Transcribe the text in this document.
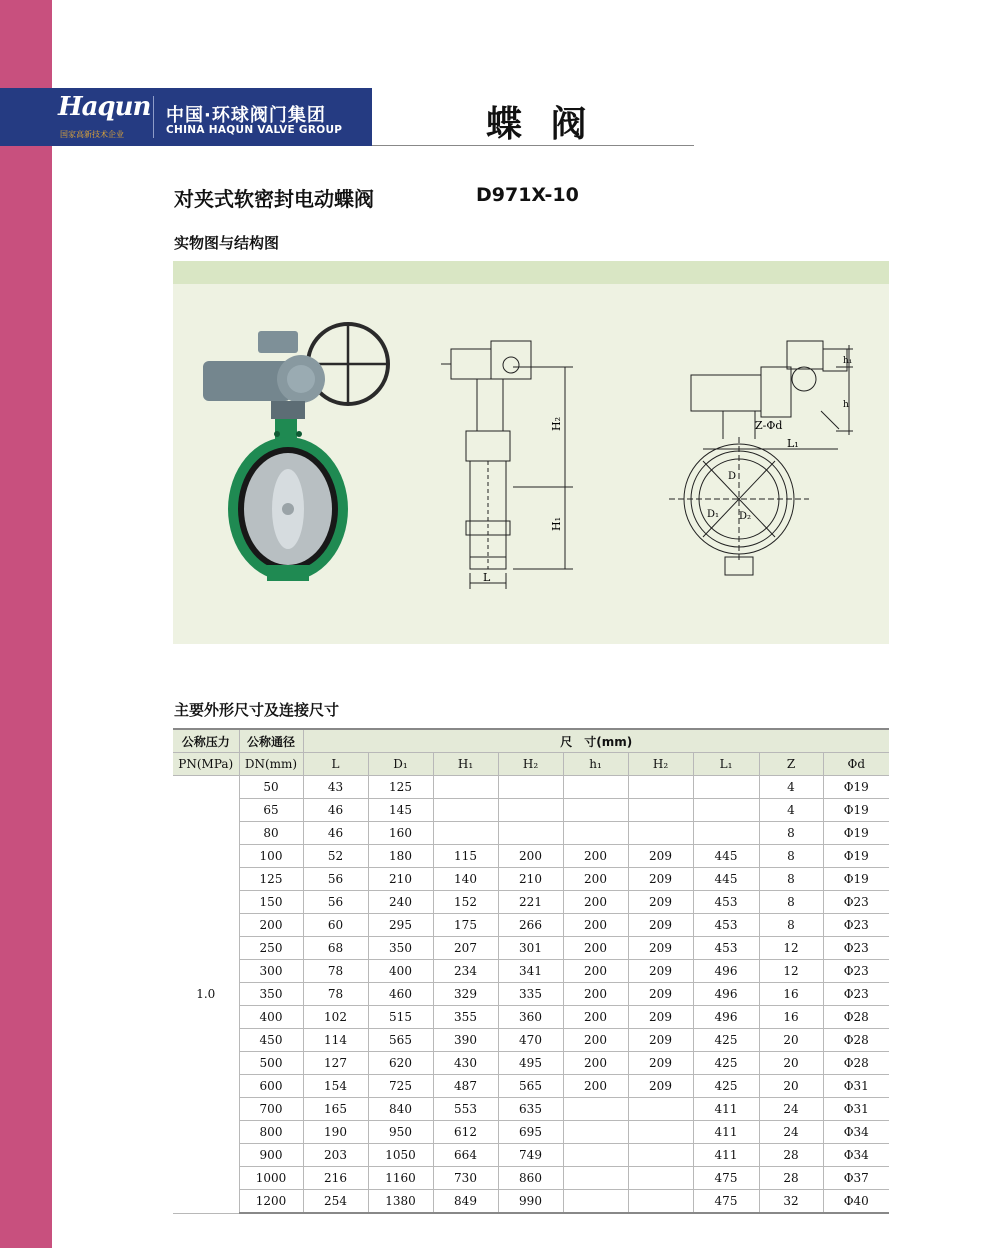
Haqun
国家高新技术企业
中国·环球阀门集团
CHINA HAQUN VALVE GROUP	蝶 阀
对夹式软密封电动蝶阀	D971X-10
实物图与结构图
H₂
H₁
L
Z-Φd
L₁
D
D₁ D₂
h₁
h
主要外形尺寸及连接尺寸
公称压力	公称通径	尺　寸(mm)								
PN(MPa)	DN(mm)	L	D₁	H₁	H₂	h₁	H₂	L₁	Z	Φd
1.0	50	43	125						4	Φ19
	65	46	145						4	Φ19
	80	46	160						8	Φ19
	100	52	180	115	200	200	209	445	8	Φ19
	125	56	210	140	210	200	209	445	8	Φ19
	150	56	240	152	221	200	209	453	8	Φ23
	200	60	295	175	266	200	209	453	8	Φ23
	250	68	350	207	301	200	209	453	12	Φ23
	300	78	400	234	341	200	209	496	12	Φ23
	350	78	460	329	335	200	209	496	16	Φ23
	400	102	515	355	360	200	209	496	16	Φ28
	450	114	565	390	470	200	209	425	20	Φ28
	500	127	620	430	495	200	209	425	20	Φ28
	600	154	725	487	565	200	209	425	20	Φ31
	700	165	840	553	635			411	24	Φ31
	800	190	950	612	695			411	24	Φ34
	900	203	1050	664	749			411	28	Φ34
	1000	216	1160	730	860			475	28	Φ37
	1200	254	1380	849	990			475	32	Φ40
